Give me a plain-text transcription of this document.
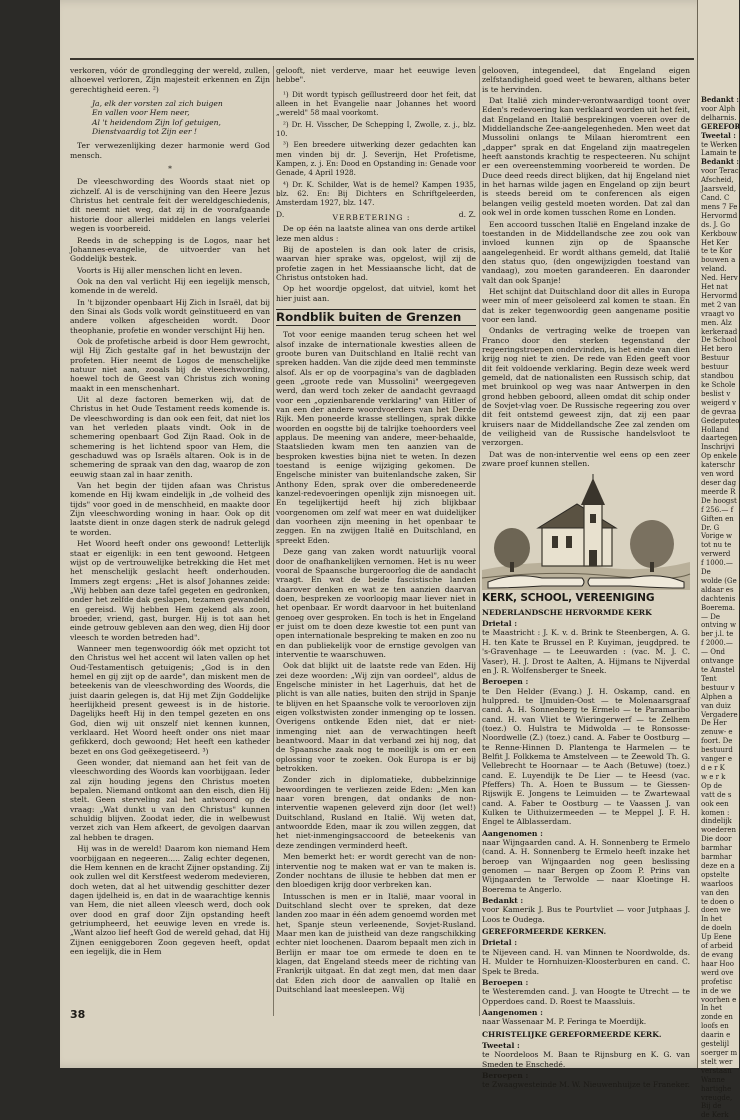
Bedankt :
voor Alph
delharnis.
GEREFOR
Tweetal :
te Werken
Lamain te
Bedankt :
voor Terac
Afscheid,
Jaarsveld,
Cand. C
mens 7 Fe
Hervormd
ds. J. Go
Kerkbouw
Het Ker
te te Kor
bouwen a
veland.
Ned. Herv
Het nat
Hervormd
met 2 van
vraagt vo
men. Alz
kerkeraad
De School
Het bero
Bestuur
bestuur
standbou
ke Schole
beslist v
weigerd v
de gevraa
Gedeputeo
Holland
daartegen
Inschrijvi
Op enkele
katerschr
ven word
deser dag
meerde R
De hoogst
f 256.— f
Giften en
Dr. G
Vorige w
tot nu te
verwerd
f 1000.—
De
wolde (Ge
aldaar es
dachtenis
Boerema.
— De
ontving w
ber j.l. te
f 2000.—
— Ond
ontvange
te Amstel
Tent
bestuur v
Alphen a
van duiz
Vergadere
De Her
zenuw- e
foort. De
bestuurd
vanger e
d e r K
w e r k
Op de
vatt de s
ook een
komen :
dindelijk
woederen
Die door
barmhar
barmhar
deze en a
opstelte
waarloos
van den
te doen o
doen we
In het
de doeln
Up Eene
of arbeid
de evang
haar Hoo
werd ove
profetisc
in de we
voorhen e
In het
zonde en
loofs en
daarin e
gestelijl
soerger m
stelt wer
verstaan
Wanne
hartighe
vreugde,
Bij de
de Kerk

verkoren, vóór de grondlegging der wereld, zullen, alhoewel verloren, Zijn majesteit erkennen en Zijn gerechtigheid eeren. ²)

Ja, elk der vorsten zal zich buigen
En vallen voor Hem neer,
Al 't heidendom Zijn lof getuigen,
Dienstvaardig tot Zijn eer !

Ter verwezenlijking dezer harmonie werd God mensch.

*

De vleeschwording des Woords staat niet op zichzelf. Al is de verschijning van den Heere Jezus Christus het centrale feit der wereldgeschiedenis, dit neemt niet weg, dat zij in de voorafgaande historie door allerlei middelen en langs velerlei wegen is voorbereid.

Reeds in de schepping is de Logos, naar het Johannes-evangelie, de uitvoerder van het Goddelijk bestek.

Voorts is Hij aller menschen licht en leven.

Ook na den val verlicht Hij een iegelijk mensch, komende in de wereld.

In 't bijzonder openbaart Hij Zich in Israël, dat bij den Sinai als Gods volk wordt geïnstitueerd en van andere volken afgescheiden wordt. Door theophanie, profetie en wonder verschijnt Hij hen.

Ook de profetische arbeid is door Hem gewrocht, wijl Hij Zich gestalte gaf in het bewustzijn der profeten. Hier neemt de Logos de menschelijke natuur niet aan, zooals bij de vleeschwording, hoewel toch de Geest van Christus zich woning maakt in een menschenhart.

Uit al deze factoren bemerken wij, dat de Christus in het Oude Testament reeds komende is. De vleeschwording is dan ook een feit, dat niet los van het verleden plaats vindt. Ook in de schemering openbaart God Zijn Raad. Ook in de schemering is het lichtend spoor van Hem, die geschaduwd was op Israëls altaren. Ook is in de schemering de spraak van den dag, waarop de zon eeuwig staan zal in haar zenith.

Van het begin der tijden afaan was Christus komende en Hij kwam eindelijk in „de volheid des tijds" voor goed in de menschheid, en maakte door Zijn vleeschwording woning in haar. Ook op dit laatste dient in onze dagen sterk de nadruk gelegd te worden.

Het Woord heeft onder ons gewoond! Letterlijk staat er eigenlijk: in een tent gewoond. Hetgeen wijst op de vertrouwelijke betrekking die Het met het menschelijk geslacht heeft onderhouden. Immers zegt ergens: „Het is alsof Johannes zeide: „Wij hebben aan deze tafel gegeten en gedronken, onder het zelfde dak geslapen, tezamen gewandeld en gereisd. Wij hebben Hem gekend als zoon, broeder, vriend, gast, burger. Hij is tot aan het einde getrouw gebleven aan den weg, dien Hij door vleesch te worden betreden had".

Wanneer men tegenwoordig óók met opzicht tot den Christus wel het accent wil laten vallen op het Oud-Testamentisch getuigenis; „God is in den hemel en gij zijt op de aarde", dan miskent men de beteekenis van de vleeschwording des Woords, die juist daarin gelegen is, dat Hij met Zijn Goddelijke heerlijkheid present geweest is in de historie. Dagelijks heeft Hij in den tempel gezeten en ons God, dien wij uit onszelf niet kennen kunnen, verklaard. Het Woord heeft onder ons niet maar gefikkerd, doch gewoond; Het heeft een katheder bezet en ons God geëxegetiseerd. ³)

Geen wonder, dat niemand aan het feit van de vleeschwording des Woords kan voorbijgaan. Ieder zal zijn houding jegens den Christus moeten bepalen. Niemand ontkomt aan den eisch, dien Hij stelt. Geen sterveling zal het antwoord op de vraag: „Wat dunkt u van den Christus" kunnen schuldig blijven. Zoodat ieder, die in welbewust verzet zich van Hem afkeert, de gevolgen daarvan zal hebben te dragen.

Hij was in de wereld! Daarom kon niemand Hem voorbijgaan en negeeren..... Zalig echter degenen, die Hem kennen en de kracht Zijner opstanding. Zij ook zullen wel dit Kerstfeest wederom medevieren, doch weten, dat al het uitwendig geschitter dezer dagen ijdelheid is, en dat in de waarachtige kennis van Hem, die niet alleen vleesch werd, doch ook over dood en graf door Zijn opstanding heeft getriumpheerd, het eeuwige leven en vrede is. „Want alzoo lief heeft God de wereld gehad, dat Hij Zijnen eeniggeboren Zoon gegeven heeft, opdat een iegelijk, die in Hem

38

gelooft, niet verderve, maar het eeuwige leven hebbe".

¹) Dit wordt typisch geïllustreerd door het feit, dat alleen in het Evangelie naar Johannes het woord „wereld" 58 maal voorkomt.

²) Dr. H. Visscher, De Schepping I, Zwolle, z. j., blz. 10.

³) Een breedere uitwerking dezer gedachten kan men vinden bij dr. J. Severijn, Het Profetisme, Kampen, z. j. En: Dood en Opstanding in: Genade voor Genade, 4 April 1928.

⁴) Dr. K. Schilder, Wat is de hemel? Kampen 1935, blz. 62. En: Bij Dichters en Schriftgeleerden, Amsterdam 1927, blz. 147.

D.	VERBETERING :	d. Z.

De op één na laatste alinea van ons derde artikel leze men aldus :

Bij de apostelen is dan ook later de crisis, waarvan hier sprake was, opgelost, wijl zij de profetie zagen in het Messiaansche licht, dat de Christus ontstoken had.

Op het woordje opgelost, dat uitviel, komt het hier juist aan.

Rondblik buiten de Grenzen

Tot voor eenige maanden terug scheen het wel alsof inzake de internationale kwesties alleen de groote buren van Duitschland en Italië recht van spreken hadden. Van die zijde deed men temminste alsof. Als er op de voorpagina's van de dagbladen geen „groote rede van Mussolini" weergegeven werd, dan werd toch zeker de aandacht gevraagd voor een „opzienbarende verklaring" van Hitler of van een der andere woordvoerders van het Derde Rijk. Men poneerde krasse stellingen, sprak dikke woorden en oogstte bij de talrijke toehoorders veel applaus. De meening van andere, meer-behaalde, Staatslieden kwam men ten aanzien van de besproken kwesties bijna niet te weten. In dezen toestand is eenige wijziging gekomen. De Engelsche minister van buitenlandsche zaken, Sir Anthony Eden, sprak over die omberedeneerde kanzel-redevoeringen openlijk zijn misnoegen uit. En tegelijkertijd heeft hij zich blijkbaar voorgenomen om zelf wat meer en wat duidelijker dan voorheen zijn meening in het openbaar te zeggen. En na zwijgen Italië en Duitschland, en spreekt Eden.

Deze gang van zaken wordt natuurlijk vooral door de onafhankelijken vernomen. Het is nu weer vooral de Spaansche burgeroorlog die de aandacht vraagt. En wat de beide fascistische landen daarover denken en wat ze ten aanzien daarvan doen, bespreken ze voorloopig maar liever niet in het openbaar. Er wordt daarvoor in het buitenland genoeg over gesproken. En toch is het in Engeland er juist om te doen deze kwestie tot een punt van open internationale bespreking te maken en zoo nu en dan publiekelijk voor de ernstige gevolgen van interventie te waarschuwen.

Ook dat blijkt uit de laatste rede van Eden. Hij zei deze woorden: „Wij zijn van oordeel", aldus de Engelsche minister in het Lagerhuis, dat het de plicht is van alle naties, buiten den strijd in Spanje te blijven en het Spaansche volk te veroorloven zijn eigen volkstwisten zonder inmenging op te lossen. Overigens ontkende Eden niet, dat er niet-inmenging niet aan de verwachtingen heeft beantwoord. Maar in dat verband zei hij nog, dat de Spaansche zaak nog te moeilijk is om er een oplossing voor te zoeken. Ook Europa is er bij betrokken.

Zonder zich in diplomatieke, dubbelzinnige bewoordingen te verliezen zeide Eden: „Men kan naar voren brengen, dat ondanks de non-interventie wapenen geleverd zijn door (let wel!) Duitschland, Rusland en Italië. Wij weten dat, antwoordde Eden, maar ik zou willen zeggen, dat het niet-inmengingsaccoord de beteekenis van deze zendingen verminderd heeft.

Men bemerkt het: er wordt gerecht van de non-interventie nog te maken wat er van te maken is. Zonder nochtans de illusie te hebben dat men er den bloedigen krijg door verbreken kan.

Intusschen is men er in Italië, maar vooral in Duitschland slecht over te spreken, dat deze landen zoo maar in één adem genoemd worden met het, Spanje steun verleenende, Sovjet-Rusland. Maar men kan de juistheid van deze rangschikking echter niet loochenen. Daarom bepaalt men zich in Berlijn er maar toe om ermede te doen en te klagen, dat Engeland steeds meer de richting van Frankrijk uitgaat. En dat zegt men, dat men daar dat Eden zich door de aanvallen op Italië en Duitschland laat meesleepen. Wij

gelooven, integendeel, dat Engeland eigen zelfstandigheid goed weet te bewaren, althans beter is te hervinden.

Dat Italië zich minder-verontwaardigd toont over Eden's redevoering kan verklaard worden uit het feit, dat Engeland en Italië besprekingen voeren over de Middellandsche Zee-aangelegenheden. Men weet dat Mussolini onlangs te Milaan hieromtrent een „dapper" sprak en dat Engeland zijn maatregelen heeft aanstonds krachtig te respecteeren. Nu schijnt er een overeenstemming voorbereid te worden. De Duce deed reeds direct blijken, dat hij Engeland niet in het harnas wilde jagen en Engeland op zijn beurt is steeds bereid om te conferencen als eigen belangen veilig gesteld moeten worden. Dat zal dan ook wel in orde komen tusschen Rome en Londen.

Een accoord tusschen Italië en Engeland inzake de toestanden in de Middellandsche zee zou ook van invloed kunnen zijn op de Spaansche aangelegenheid. Er wordt althans gemeld, dat Italië den status quo, (den ongewijzigden toestand van vandaag), zou moeten garandeeren. En daaronder valt dan ook Spanje!

Het schijnt dat Duitschland door dit alles in Europa weer min of meer geïsoleerd zal komen te staan. En dat is zeker tegenwoordig geen aangename positie voor een land.

Ondanks de vertraging welke de troepen van Franco door den sterken tegenstand der regeeringstroepen ondervinden, is het einde van dien krijg nog niet te zien. De rede van Eden geeft voor dit feit voldoende verklaring. Begin deze week werd gemeld, dat de nationalisten een Russisch schip, dat met bruinkool op weg was naar Antwerpen in den grond hebben geboord, alleen omdat dit schip onder de Sovjet-vlag voer. De Russische regeering zou over dit feit ontstemd geweest zijn, dat zij een paar kruisers naar de Middellandsche Zee zal zenden om de veiligheid van de Russische handelsvloot te verzorgen.

Dat was de non-interventie wel eens op een zeer zware proef kunnen stellen.

KERK, SCHOOL, VEREENIGING

NEDERLANDSCHE HERVORMDE KERK

Drietal :

te Maastricht : J. K. v. d. Brink te Steenbergen, A. G. H. ten Kate te Brussel en P. Kuyiman, jeugdpred. te 's-Gravenhage — te Leeuwarden : (vac. M. J. C. Vaser), H. J. Drost te Aalten, A. Hijmans te Nijverdal en J. R. Wolfensberger te Sneek.

Beroepen :

te Den Helder (Evang.) J. H. Oskamp, cand. en hulppred. te IJmuiden-Oost — te Molenaarsgraaf cand. A. H. Sonnenberg te Ermelo — te Paramaribo cand. H. van Vliet te Wieringerwerf — te Zelhem (toez.) O. Hulstra te Midwolda — te Ronsosse-Noordwelle (Z.) (toez.) cand. A. Faber te Oostburg — te Renne-Hinnen D. Plantenga te Harmelen — te Belfit J. Folkkema te Amstelveen — te Zeewold Th. G. Vellebrecht te Hoornaar — te Aach (Betuwe) (toez.) cand. E. Luyendijk te De Lier — te Heesd (vac. Pfeffers) Th. A. Hoen te Bussum — te Giessen-Rijswijk E. Jongens te Leimuiden — te Zwartewaal cand. A. Faber te Oostburg — te Vaassen J. van Kulken te Uithuizermeeden — te Meppel J. F. H. Engel te Alblasserdam.

Aangenomen :

naar Wijngaarden cand. A. H. Sonnenberg te Ermelo (cand. A. H. Sonnenberg te Ermelo heeft inzake het beroep van Wijngaarden nog geen beslissing genomen — naar Bergen op Zoom P. Prins van Wijngaarden te Terwolde — naar Kloetinge H. Boerema te Angerlo.

Bedankt :

voor Kamerik J. Bus te Pourtvliet — voor Jutphaas J. Loos te Oudega.

GEREFORMEERDE KERKEN.

Drietal :

te Nijeveen cand. H. van Minnen te Noordwolde, ds. H. Mulder te Hornhuizen-Kloosterburen en cand. C. Spek te Breda.

Beroepen :

te Westeremden cand. J. van Hoogte te Utrecht — te Opperdoes cand. D. Roest te Maassluis.

Aangenomen :

naar Wassenaar M. P. Feringa te Moerdijk.

CHRISTELIJKE GEREFORMEERDE KERK.

Tweetal :

te Noordeloos M. Baan te Rijnsburg en K. G. van Smeden te Enschedé.

Beroepen :

te Zwaagwesteinde M. W. Nieuwenhuijze te Franeker.
